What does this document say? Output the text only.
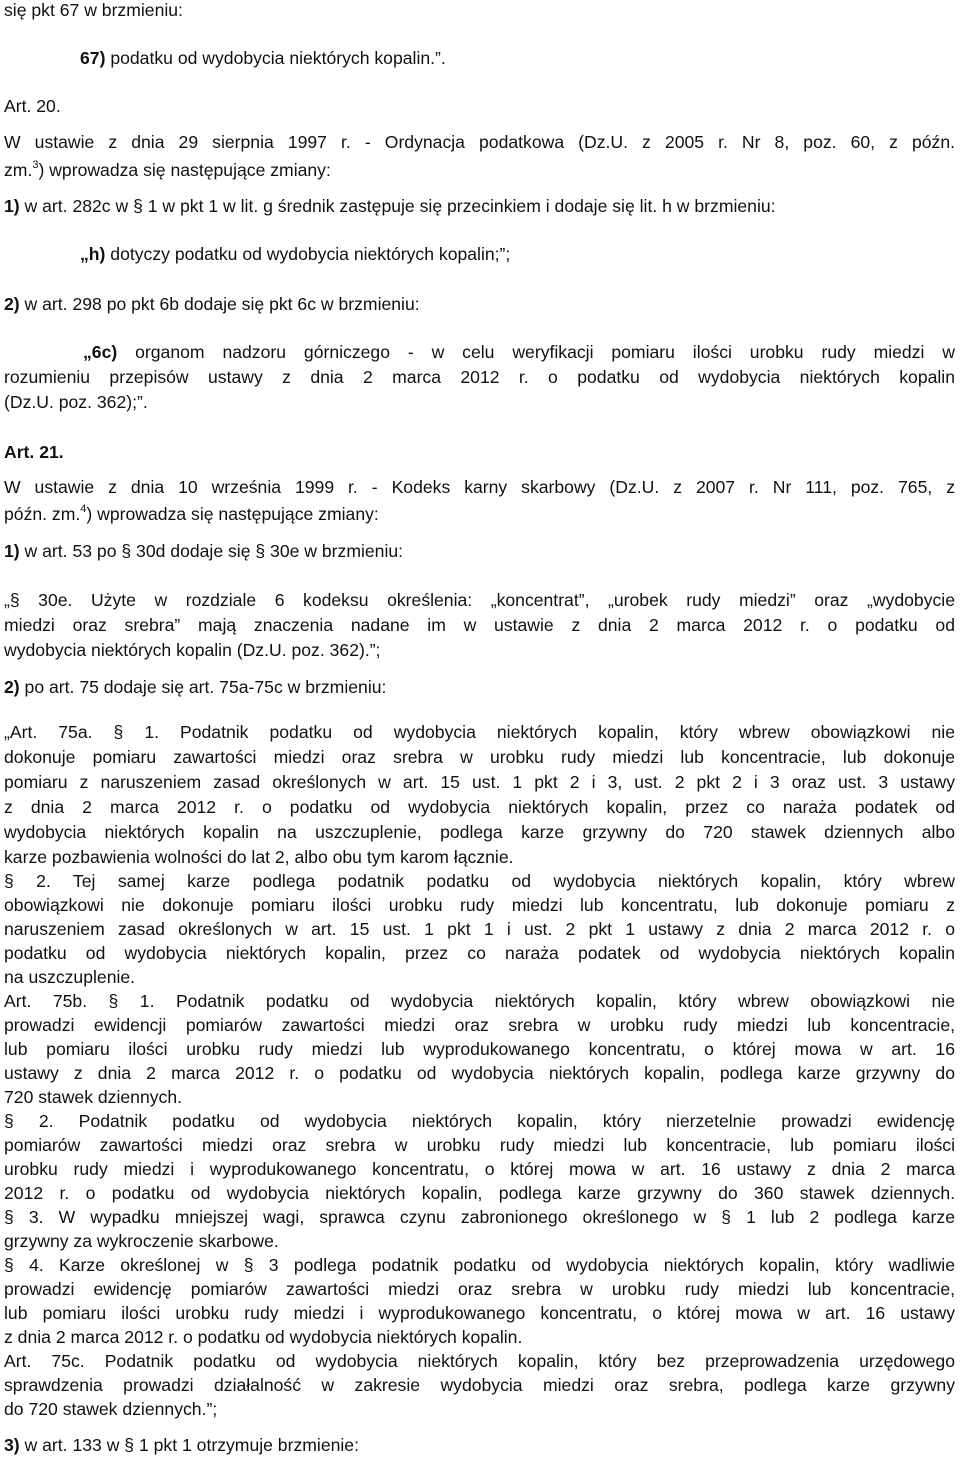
się pkt 67 w brzmieniu:
67) podatku od wydobycia niektórych kopalin.”.
Art. 20.
W ustawie z dnia 29 sierpnia 1997 r. - Ordynacja podatkowa (Dz.U. z 2005 r. Nr 8, poz. 60, z późn.
zm.$^3$) wprowadza się następujące zmiany:
1) w art. 282c w § 1 w pkt 1 w lit. g średnik zastępuje się przecinkiem i dodaje się lit. h w brzmieniu:
„h) dotyczy podatku od wydobycia niektórych kopalin;”;
2) w art. 298 po pkt 6b dodaje się pkt 6c w brzmieniu:
„6c) organom nadzoru górniczego - w celu weryfikacji pomiaru ilości urobku rudy miedzi w
rozumieniu przepisów ustawy z dnia 2 marca 2012 r. o podatku od wydobycia niektórych kopalin
(Dz.U. poz. 362);”.
Art. 21.
W ustawie z dnia 10 września 1999 r. - Kodeks karny skarbowy (Dz.U. z 2007 r. Nr 111, poz. 765, z
późn. zm.$^4$) wprowadza się następujące zmiany:
1) w art. 53 po § 30d dodaje się § 30e w brzmieniu:
„§ 30e. Użyte w rozdziale 6 kodeksu określenia: „koncentrat”, „urobek rudy miedzi” oraz „wydobycie
miedzi oraz srebra” mają znaczenia nadane im w ustawie z dnia 2 marca 2012 r. o podatku od
wydobycia niektórych kopalin (Dz.U. poz. 362).”;
2) po art. 75 dodaje się art. 75a-75c w brzmieniu:
„Art. 75a. § 1. Podatnik podatku od wydobycia niektórych kopalin, który wbrew obowiązkowi nie
dokonuje pomiaru zawartości miedzi oraz srebra w urobku rudy miedzi lub koncentracie, lub dokonuje
pomiaru z naruszeniem zasad określonych w art. 15 ust. 1 pkt 2 i 3, ust. 2 pkt 2 i 3 oraz ust. 3 ustawy
z dnia 2 marca 2012 r. o podatku od wydobycia niektórych kopalin, przez co naraża podatek od
wydobycia niektórych kopalin na uszczuplenie, podlega karze grzywny do 720 stawek dziennych albo
karze pozbawienia wolności do lat 2, albo obu tym karom łącznie.
§ 2. Tej samej karze podlega podatnik podatku od wydobycia niektórych kopalin, który wbrew
obowiązkowi nie dokonuje pomiaru ilości urobku rudy miedzi lub koncentratu, lub dokonuje pomiaru z
naruszeniem zasad określonych w art. 15 ust. 1 pkt 1 i ust. 2 pkt 1 ustawy z dnia 2 marca 2012 r. o
podatku od wydobycia niektórych kopalin, przez co naraża podatek od wydobycia niektórych kopalin
na uszczuplenie.
Art. 75b. § 1. Podatnik podatku od wydobycia niektórych kopalin, który wbrew obowiązkowi nie
prowadzi ewidencji pomiarów zawartości miedzi oraz srebra w urobku rudy miedzi lub koncentracie,
lub pomiaru ilości urobku rudy miedzi lub wyprodukowanego koncentratu, o której mowa w art. 16
ustawy z dnia 2 marca 2012 r. o podatku od wydobycia niektórych kopalin, podlega karze grzywny do
720 stawek dziennych.
§ 2. Podatnik podatku od wydobycia niektórych kopalin, który nierzetelnie prowadzi ewidencję
pomiarów zawartości miedzi oraz srebra w urobku rudy miedzi lub koncentracie, lub pomiaru ilości
urobku rudy miedzi i wyprodukowanego koncentratu, o której mowa w art. 16 ustawy z dnia 2 marca
2012 r. o podatku od wydobycia niektórych kopalin, podlega karze grzywny do 360 stawek dziennych.
§ 3. W wypadku mniejszej wagi, sprawca czynu zabronionego określonego w § 1 lub 2 podlega karze
grzywny za wykroczenie skarbowe.
§ 4. Karze określonej w § 3 podlega podatnik podatku od wydobycia niektórych kopalin, który wadliwie
prowadzi ewidencję pomiarów zawartości miedzi oraz srebra w urobku rudy miedzi lub koncentracie,
lub pomiaru ilości urobku rudy miedzi i wyprodukowanego koncentratu, o której mowa w art. 16 ustawy
z dnia 2 marca 2012 r. o podatku od wydobycia niektórych kopalin.
Art. 75c. Podatnik podatku od wydobycia niektórych kopalin, który bez przeprowadzenia urzędowego
sprawdzenia prowadzi działalność w zakresie wydobycia miedzi oraz srebra, podlega karze grzywny
do 720 stawek dziennych.”;
3) w art. 133 w § 1 pkt 1 otrzymuje brzmienie:
